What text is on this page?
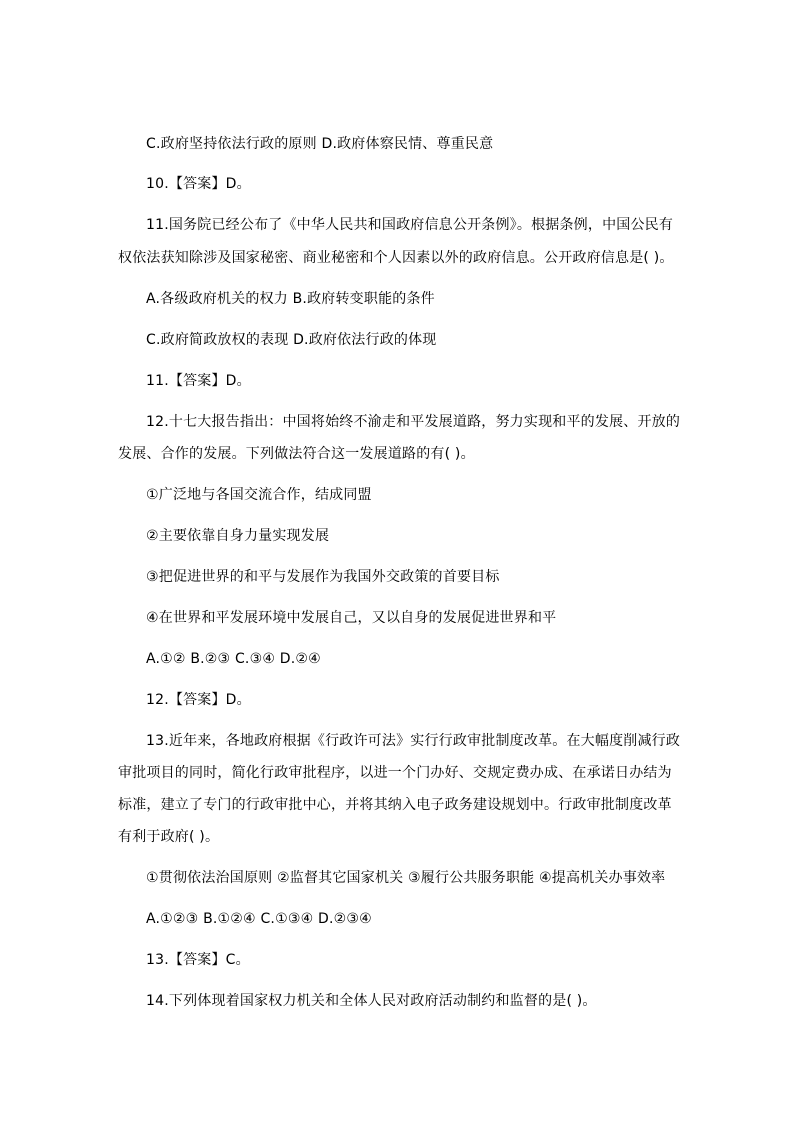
C.政府坚持依法行政的原则 D.政府体察民情、尊重民意
10.【答案】D。
11.国务院已经公布了《中华人民共和国政府信息公开条例》。根据条例，中国公民有
权依法获知除涉及国家秘密、商业秘密和个人因素以外的政府信息。公开政府信息是( )。
A.各级政府机关的权力 B.政府转变职能的条件
C.政府简政放权的表现 D.政府依法行政的体现
11.【答案】D。
12.十七大报告指出：中国将始终不渝走和平发展道路，努力实现和平的发展、开放的
发展、合作的发展。下列做法符合这一发展道路的有( )。
①广泛地与各国交流合作，结成同盟
②主要依靠自身力量实现发展
③把促进世界的和平与发展作为我国外交政策的首要目标
④在世界和平发展环境中发展自己，又以自身的发展促进世界和平
A.①② B.②③ C.③④ D.②④
12.【答案】D。
13.近年来，各地政府根据《行政许可法》实行行政审批制度改革。在大幅度削减行政
审批项目的同时，简化行政审批程序，以进一个门办好、交规定费办成、在承诺日办结为
标准，建立了专门的行政审批中心，并将其纳入电子政务建设规划中。行政审批制度改革
有利于政府( )。
①贯彻依法治国原则 ②监督其它国家机关 ③履行公共服务职能 ④提高机关办事效率
A.①②③ B.①②④ C.①③④ D.②③④
13.【答案】C。
14.下列体现着国家权力机关和全体人民对政府活动制约和监督的是( )。
